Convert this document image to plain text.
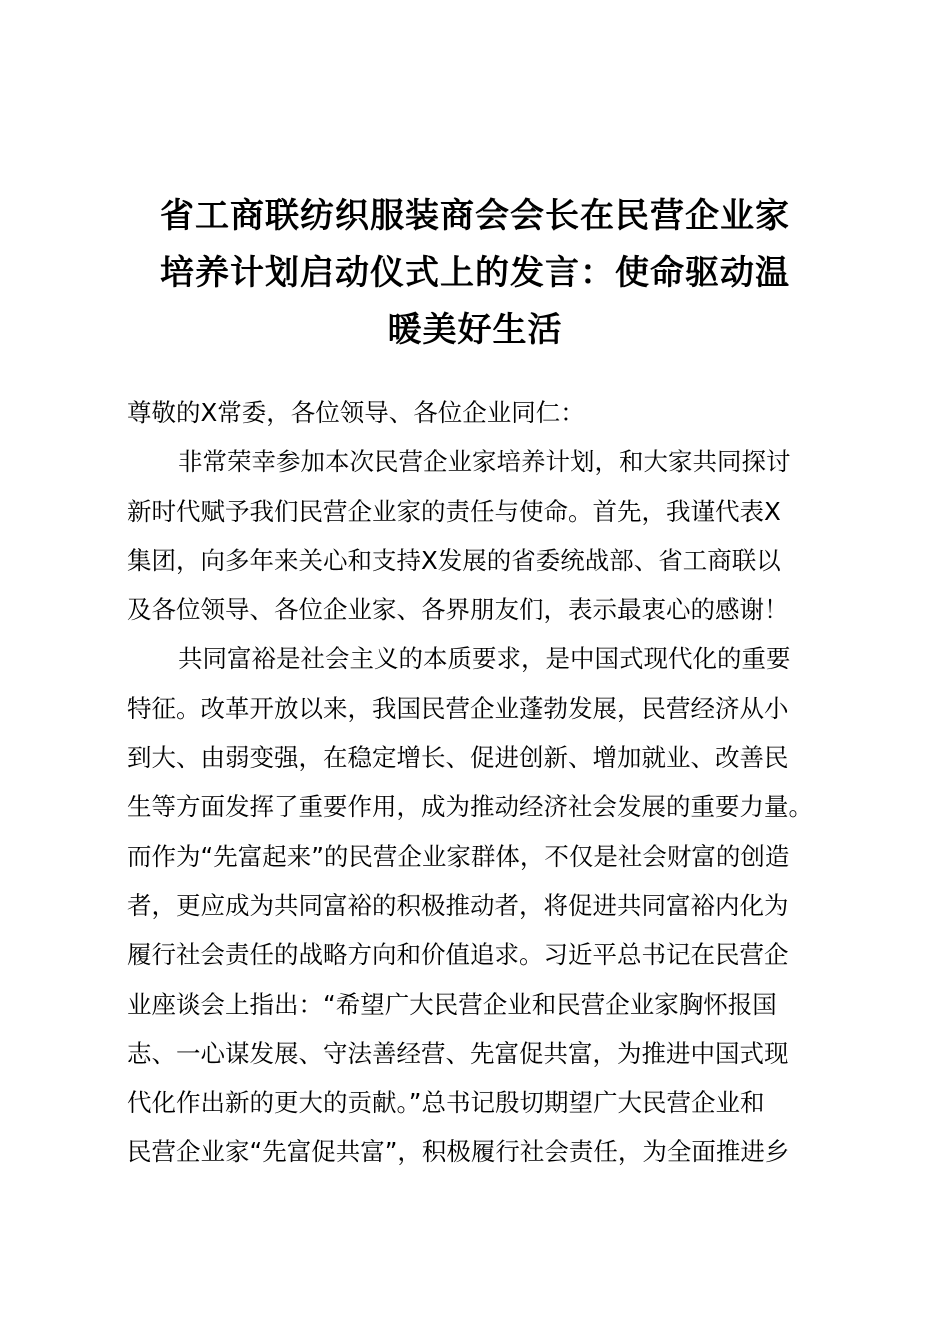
省工商联纺织服装商会会长在民营企业家
培养计划启动仪式上的发言：使命驱动温
暖美好生活
尊敬的X常委，各位领导、各位企业同仁：
非常荣幸参加本次民营企业家培养计划，和大家共同探讨
新时代赋予我们民营企业家的责任与使命。首先，我谨代表X
集团，向多年来关心和支持X发展的省委统战部、省工商联以
及各位领导、各位企业家、各界朋友们，表示最衷心的感谢！
共同富裕是社会主义的本质要求，是中国式现代化的重要
特征。改革开放以来，我国民营企业蓬勃发展，民营经济从小
到大、由弱变强，在稳定增长、促进创新、增加就业、改善民
生等方面发挥了重要作用，成为推动经济社会发展的重要力量。
而作为“先富起来”的民营企业家群体，不仅是社会财富的创造
者，更应成为共同富裕的积极推动者，将促进共同富裕内化为
履行社会责任的战略方向和价值追求。习近平总书记在民营企
业座谈会上指出：“希望广大民营企业和民营企业家胸怀报国
志、一心谋发展、守法善经营、先富促共富，为推进中国式现
代化作出新的更大的贡献。”总书记殷切期望广大民营企业和
民营企业家“先富促共富”，积极履行社会责任，为全面推进乡
